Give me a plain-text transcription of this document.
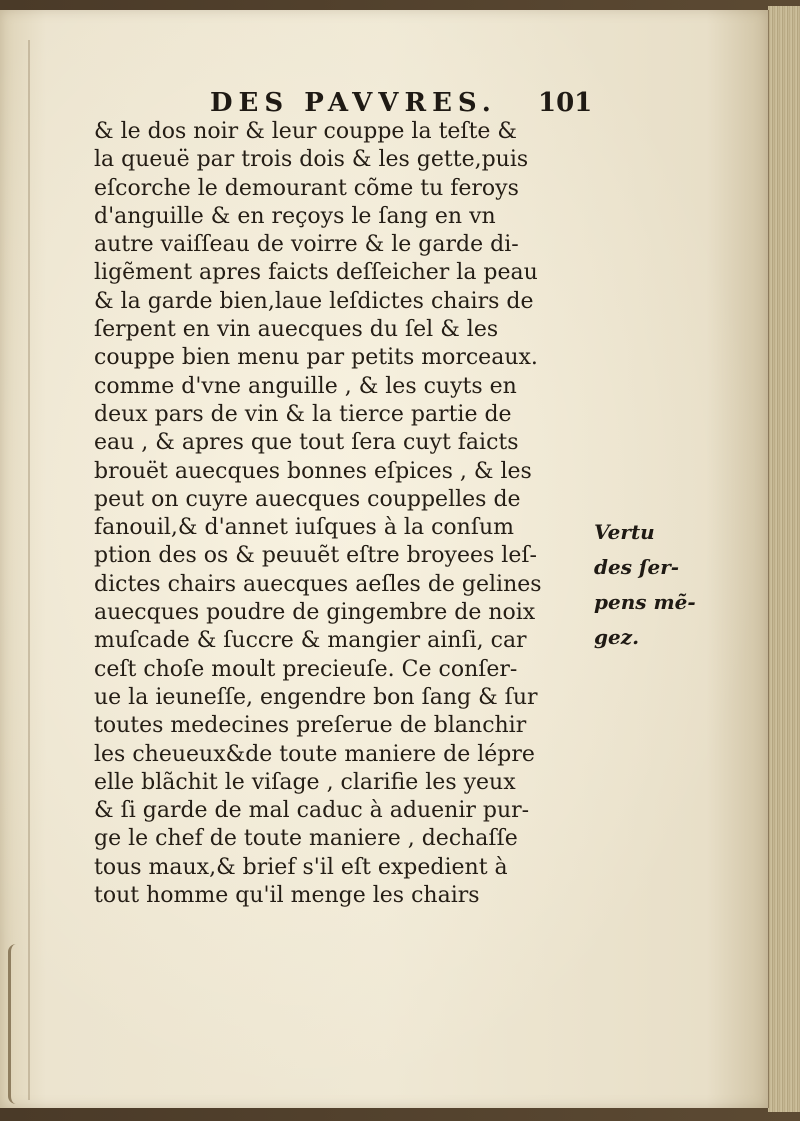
DES PAVVRES. 101
& le dos noir & leur couppe la teſte &
la queuë par trois dois & les gette,puis
eſcorche le demourant cõme tu feroys
d'anguille & en reçoys le ſang en vn
autre vaiſſeau de voirre & le garde di-
ligẽment apres faicts deſſeicher la peau
& la garde bien,laue leſdictes chairs de
ſerpent en vin auecques du ſel & les
couppe bien menu par petits morceaux.
comme d'vne anguille , & les cuyts en
deux pars de vin & la tierce partie de
eau , & apres que tout ſera cuyt faicts
brouët auecques bonnes eſpices , & les
peut on cuyre auecques couppelles de
fanouil,& d'annet iuſques à la conſum
ption des os & peuuẽt eſtre broyees leſ-
dictes chairs auecques aeſles de gelines
auecques poudre de gingembre de noix
muſcade & ſuccre & mangier ainſi, car
ceſt choſe moult precieuſe. Ce conſer-
ue la ieuneſſe, engendre bon ſang & ſur
toutes medecines preſerue de blanchir
les cheueux&de toute maniere de lépre
elle blãchit le viſage , clarifie les yeux
& ſi garde de mal caduc à aduenir pur-
ge le chef de toute maniere , dechaſſe
tous maux,& brief s'il eſt expedient à
tout homme qu'il menge les chairs
Vertu
des ſer-
pens mẽ-
gez.
